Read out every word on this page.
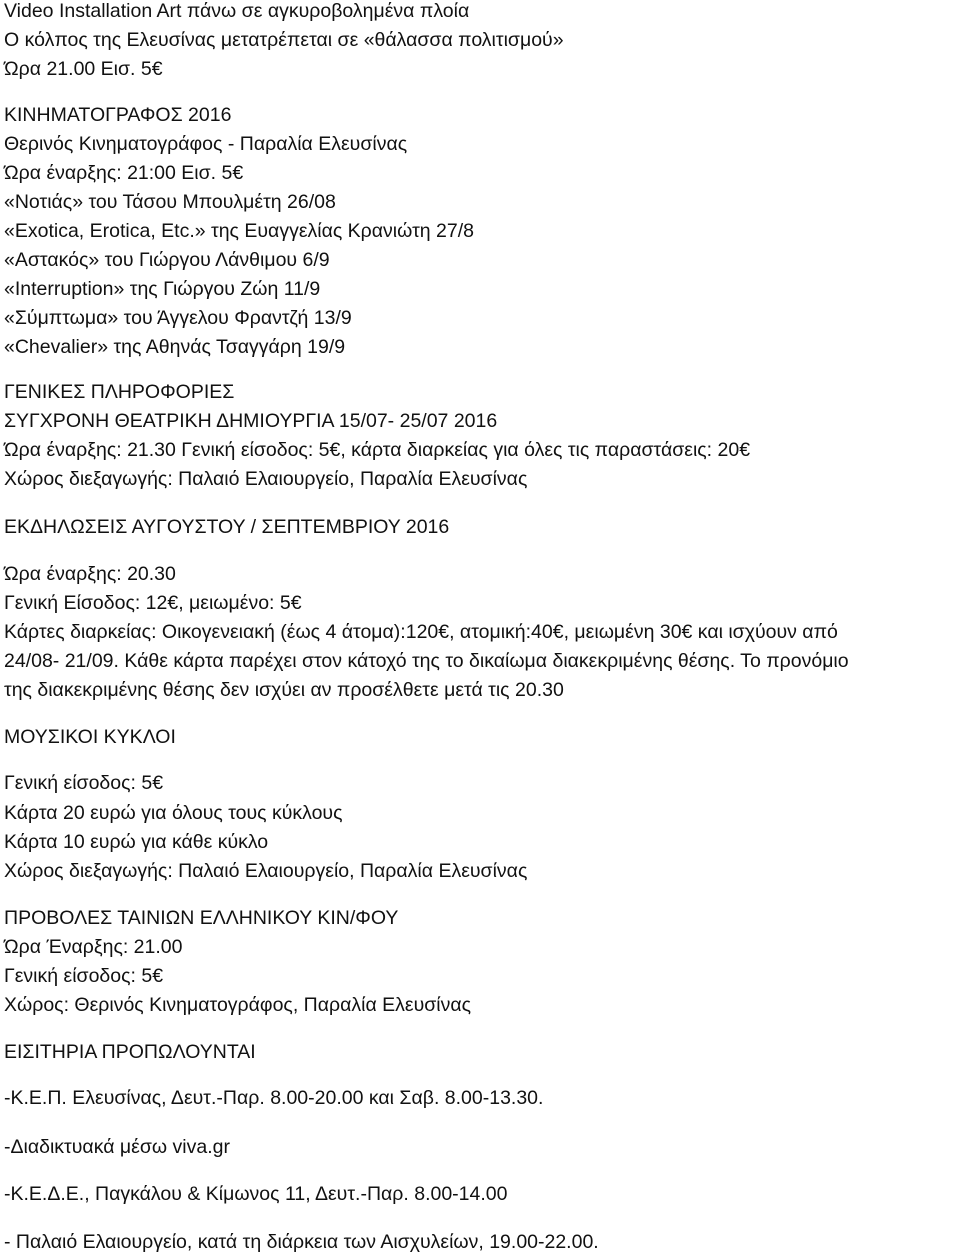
Video Installation Art πάνω σε αγκυροβολημένα πλοία

Ο κόλπος της Ελευσίνας μετατρέπεται σε «θάλασσα πολιτισμού»

Ώρα 21.00 Εισ. 5€

ΚΙΝΗΜΑΤΟΓΡΑΦΟΣ 2016

Θερινός Κινηματογράφος - Παραλία Ελευσίνας

Ώρα έναρξης: 21:00 Εισ. 5€

«Νοτιάς» του Τάσου Μπουλμέτη 26/08

«Exotica, Erotica, Etc.» της Ευαγγελίας Κρανιώτη 27/8

«Αστακός» του Γιώργου Λάνθιμου 6/9

«Interruption» της Γιώργου Ζώη 11/9

«Σύμπτωμα» του Άγγελου Φραντζή 13/9

«Chevalier» της Αθηνάς Τσαγγάρη 19/9

ΓΕΝΙΚΕΣ ΠΛΗΡΟΦΟΡΙΕΣ

ΣΥΓΧΡΟΝΗ ΘΕΑΤΡΙΚΗ ΔΗΜΙΟΥΡΓΙΑ 15/07- 25/07 2016

Ώρα έναρξης: 21.30 Γενική είσοδος: 5€, κάρτα διαρκείας για όλες τις παραστάσεις: 20€

Χώρος διεξαγωγής: Παλαιό Ελαιουργείο, Παραλία Ελευσίνας

ΕΚΔΗΛΩΣΕΙΣ ΑΥΓΟΥΣΤΟΥ / ΣΕΠΤΕΜΒΡΙΟΥ 2016

Ώρα έναρξης: 20.30

Γενική Είσοδος: 12€, μειωμένο: 5€

Κάρτες διαρκείας: Οικογενειακή (έως 4 άτομα):120€, ατομική:40€, μειωμένη 30€ και ισχύουν από

24/08- 21/09. Κάθε κάρτα παρέχει στον κάτοχό της το δικαίωμα διακεκριμένης θέσης. Το προνόμιο

της διακεκριμένης θέσης δεν ισχύει αν προσέλθετε μετά τις 20.30

ΜΟΥΣΙΚΟΙ ΚΥΚΛΟΙ

Γενική είσοδος: 5€

Κάρτα 20 ευρώ για όλους τους κύκλους

Κάρτα 10 ευρώ για κάθε κύκλο

Χώρος διεξαγωγής: Παλαιό Ελαιουργείο, Παραλία Ελευσίνας

ΠΡΟΒΟΛΕΣ ΤΑΙΝΙΩΝ ΕΛΛΗΝΙΚΟΥ ΚΙΝ/ΦΟΥ

Ώρα Έναρξης: 21.00

Γενική είσοδος: 5€

Χώρος: Θερινός Κινηματογράφος, Παραλία Ελευσίνας

ΕΙΣΙΤΗΡΙΑ ΠΡΟΠΩΛΟΥΝΤΑΙ

-Κ.Ε.Π. Ελευσίνας, Δευτ.-Παρ. 8.00-20.00 και Σαβ. 8.00-13.30.

-Διαδικτυακά μέσω viva.gr

-Κ.Ε.Δ.Ε., Παγκάλου & Κίμωνος 11, Δευτ.-Παρ. 8.00-14.00

- Παλαιό Ελαιουργείο, κατά τη διάρκεια των Αισχυλείων, 19.00-22.00.
